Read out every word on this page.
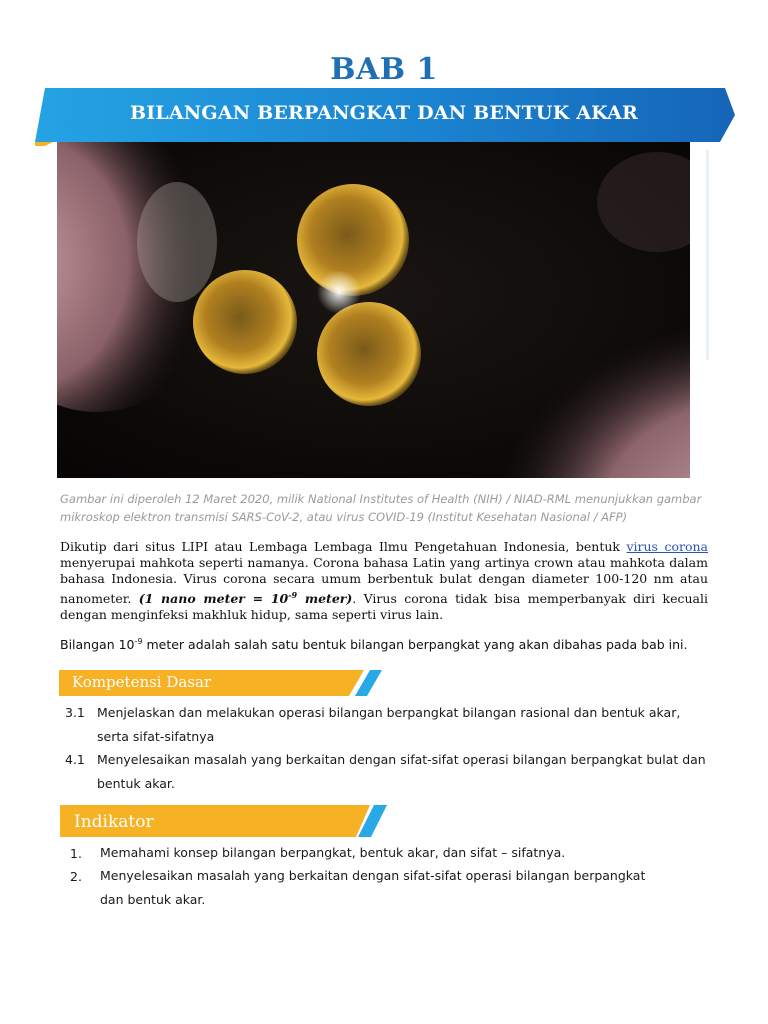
BAB 1
BILANGAN BERPANGKAT DAN BENTUK AKAR
Gambar ini diperoleh 12 Maret 2020, milik National Institutes of Health (NIH) / NIAD-RML menunjukkan gambar mikroskop elektron transmisi SARS-CoV-2, atau virus COVID-19 (Institut Kesehatan Nasional / AFP)
Dikutip dari situs LIPI atau Lembaga Lembaga Ilmu Pengetahuan Indonesia, bentuk virus corona menyerupai mahkota seperti namanya. Corona bahasa Latin yang artinya crown atau mahkota dalam bahasa Indonesia. Virus corona secara umum berbentuk bulat dengan diameter 100-120 nm atau nanometer. (1 nano meter = $10^{-9}$ meter). Virus corona tidak bisa memperbanyak diri kecuali dengan menginfeksi makhluk hidup, sama seperti virus lain.
Bilangan $10^{-9}$ meter adalah salah satu bentuk bilangan berpangkat yang akan dibahas pada bab ini.
Kompetensi Dasar
3.1 Menjelaskan dan melakukan operasi bilangan berpangkat bilangan rasional dan bentuk akar, serta sifat-sifatnya
4.1 Menyelesaikan masalah yang berkaitan dengan sifat-sifat operasi bilangan berpangkat bulat dan bentuk akar.
Indikator
1. Memahami konsep bilangan berpangkat, bentuk akar, dan sifat – sifatnya.
2. Menyelesaikan masalah yang berkaitan dengan sifat-sifat operasi bilangan berpangkat dan bentuk akar.
